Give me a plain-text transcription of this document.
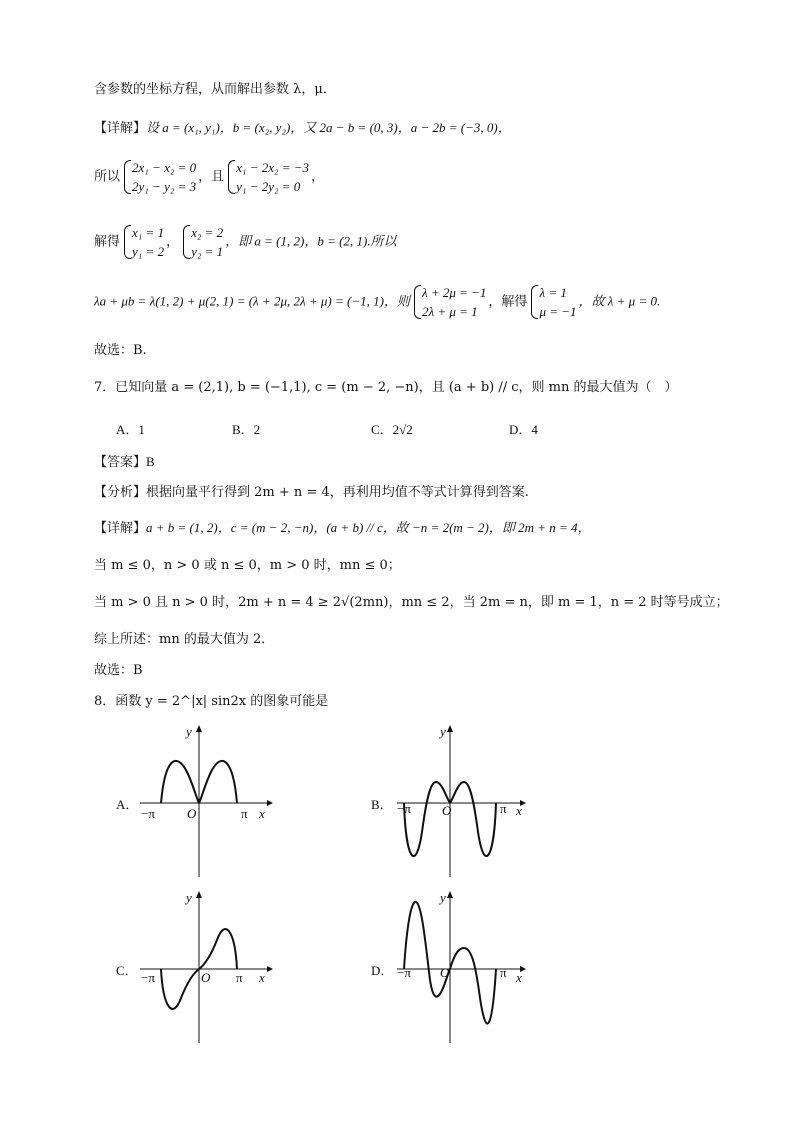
含参数的坐标方程，从而解出参数 λ，μ．
【详解】设 a = (x₁, y₁)，b = (x₂, y₂)，又 2a − b = (0, 3)，a − 2b = (−3, 0)，
所以
2x₁ − x₂ = 0
2y₁ − y₂ = 3
，且
x₁ − 2x₂ = −3
y₁ − 2y₂ = 0
，
解得
x₁ = 1
y₁ = 2
，
x₂ = 2
y₂ = 1
，即 a = (1, 2)，b = (2, 1).所以
λa + μb = λ(1, 2) + μ(2, 1) = (λ + 2μ, 2λ + μ) = (−1, 1)，则
λ + 2μ = −1
2λ + μ = 1
，解得
λ = 1
μ = −1
，故 λ + μ = 0.
故选：B.
7．已知向量 a = (2,1), b = (−1,1), c = (m − 2, −n)，且 (a + b) // c，则 mn 的最大值为（　）
A．1	B．2	C．2√2	D．4
【答案】B
【分析】根据向量平行得到 2m + n = 4，再利用均值不等式计算得到答案.
【详解】a + b = (1, 2)，c = (m − 2, −n)，(a + b) // c，故 −n = 2(m − 2)，即 2m + n = 4，
当 m ≤ 0，n > 0 或 n ≤ 0，m > 0 时，mn ≤ 0；
当 m > 0 且 n > 0 时，2m + n = 4 ≥ 2√(2mn)，mn ≤ 2，当 2m = n，即 m = 1，n = 2 时等号成立；
综上所述：mn 的最大值为 2．
故选：B
8．函数 y = 2^|x| sin2x 的图象可能是
A．
−π O	π x
y
B． −π O	π x
y
C． −π	O π x
y
D． −π O	π x
y
